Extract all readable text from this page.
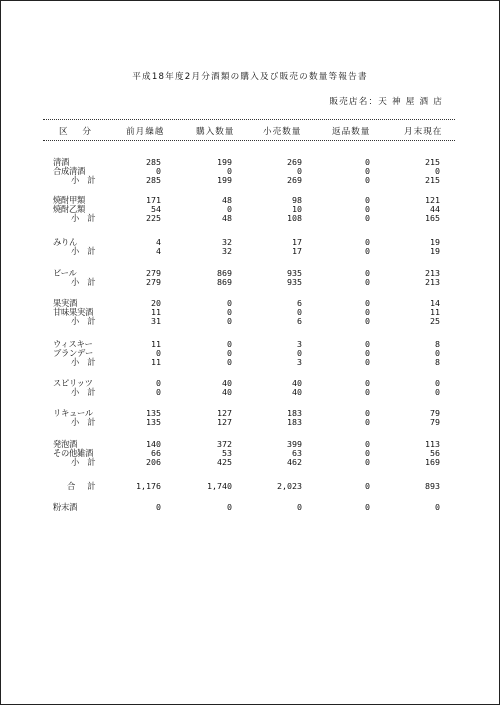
平成18年度2月分酒類の購入及び販売の数量等報告書
販売店名：天 神 屋 酒 店
区 分	前月繰越	購入数量	小売数量	返品数量	月末現在
清酒	285	199	269	0	215
合成清酒	0	0	0	0	0
小計	285	199	269	0	215
焼酎甲類	171	48	98	0	121
焼酎乙類	54	0	10	0	44
小計	225	48	108	0	165
みりん	4	32	17	0	19
小計	4	32	17	0	19
ビール	279	869	935	0	213
小計	279	869	935	0	213
果実酒	20	0	6	0	14
甘味果実酒	11	0	0	0	11
小計	31	0	6	0	25
ウィスキー	11	0	3	0	8
ブランデー	0	0	0	0	0
小計	11	0	3	0	8
スピリッツ	0	40	40	0	0
小計	0	40	40	0	0
リキュール	135	127	183	0	79
小計	135	127	183	0	79
発泡酒	140	372	399	0	113
その他雑酒	66	53	63	0	56
小計	206	425	462	0	169
合計	1,176	1,740	2,023	0	893
粉末酒	0	0	0	0	0
